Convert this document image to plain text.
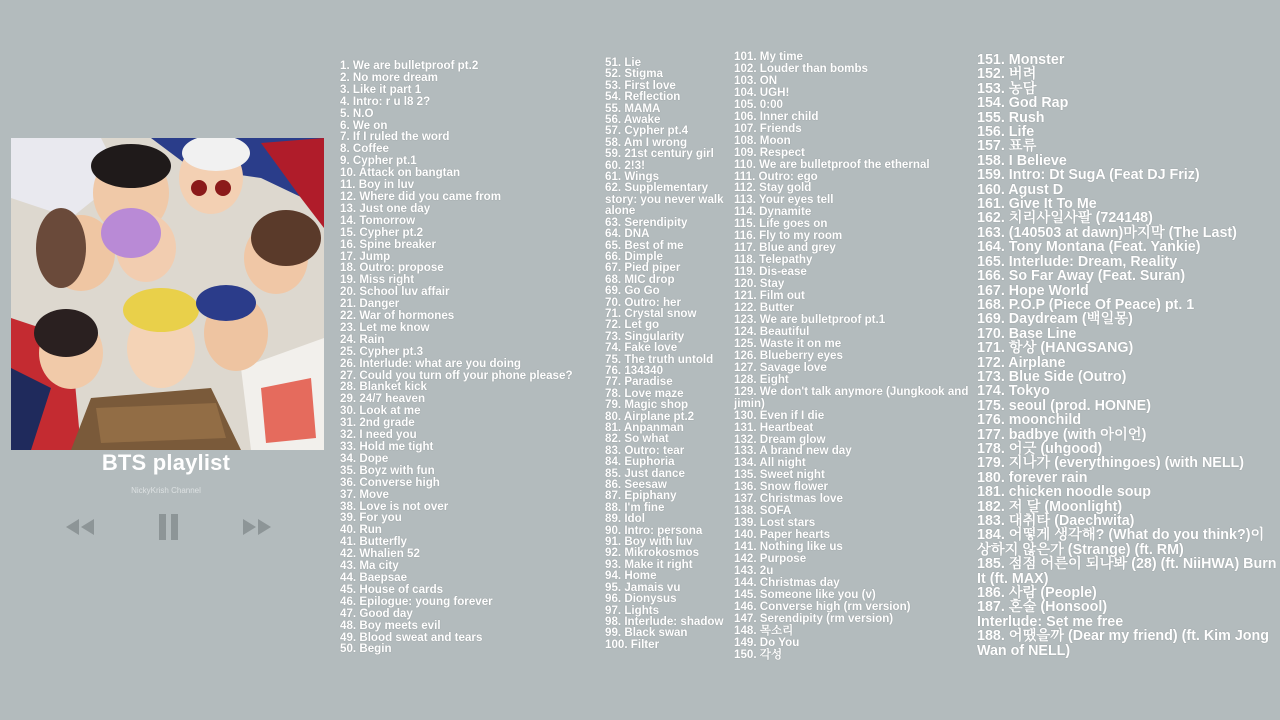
BTS playlist
NickyKrish Channel
1. We are bulletproof pt.2
2. No more dream
3. Like it part 1
4. Intro: r u l8 2?
5. N.O
6. We on
7. If I ruled the word
8. Coffee
9. Cypher pt.1
10. Attack on bangtan
11. Boy in luv
12. Where did you came from
13. Just one day
14. Tomorrow
15. Cypher pt.2
16. Spine breaker
17. Jump
18. Outro: propose
19. Miss right
20. School luv affair
21. Danger
22. War of hormones
23. Let me know
24. Rain
25. Cypher pt.3
26. Interlude: what are you doing
27. Could you turn off your phone please?
28. Blanket kick
29. 24/7 heaven
30. Look at me
31. 2nd grade
32. I need you
33. Hold me tight
34. Dope
35. Boyz with fun
36. Converse high
37. Move
38. Love is not over
39. For you
40. Run
41. Butterfly
42. Whalien 52
43. Ma city
44. Baepsae
45. House of cards
46. Epilogue: young forever
47. Good day
48. Boy meets evil
49. Blood sweat and tears
50. Begin
51. Lie
52. Stigma
53. First love
54. Reflection
55. MAMA
56. Awake
57. Cypher pt.4
58. Am I wrong
59. 21st century girl
60. 2!3!
61. Wings
62. Supplementary story: you never walk alone
63. Serendipity
64. DNA
65. Best of me
66. Dimple
67. Pied piper
68. MIC drop
69. Go Go
70. Outro: her
71. Crystal snow
72. Let go
73. Singularity
74. Fake love
75. The truth untold
76. 134340
77. Paradise
78. Love maze
79. Magic shop
80. Airplane pt.2
81. Anpanman
82. So what
83. Outro: tear
84. Euphoria
85. Just dance
86. Seesaw
87. Epiphany
88. I'm fine
89. Idol
90. Intro: persona
91. Boy with luv
92. Mikrokosmos
93. Make it right
94. Home
95. Jamais vu
96. Dionysus
97. Lights
98. Interlude: shadow
99. Black swan
100. Filter
101. My time
102. Louder than bombs
103. ON
104. UGH!
105. 0:00
106. Inner child
107. Friends
108. Moon
109. Respect
110. We are bulletproof the ethernal
111. Outro: ego
112. Stay gold
113. Your eyes tell
114. Dynamite
115. Life goes on
116. Fly to my room
117. Blue and grey
118. Telepathy
119. Dis-ease
120. Stay
121. Film out
122. Butter
123. We are bulletproof pt.1
124. Beautiful
125. Waste it on me
126. Blueberry eyes
127. Savage love
128. Eight
129. We don't talk anymore (Jungkook and jimin)
130. Even if I die
131. Heartbeat
132. Dream glow
133. A brand new day
134. All night
135. Sweet night
136. Snow flower
137. Christmas love
138. SOFA
139. Lost stars
140. Paper hearts
141. Nothing like us
142. Purpose
143. 2u
144. Christmas day
145. Someone like you (v)
146. Converse high (rm version)
147. Serendipity (rm version)
148. 목소리
149. Do You
150. 각성
151. Monster
152. 버려
153. 농담
154. God Rap
155. Rush
156. Life
157. 표류
158. I Believe
159. Intro: Dt SugA (Feat DJ Friz)
160. Agust D
161. Give It To Me
162. 치리사일사팔 (724148)
163. (140503 at dawn)마지막 (The Last)
164. Tony Montana (Feat. Yankie)
165. Interlude: Dream, Reality
166. So Far Away (Feat. Suran)
167. Hope World
168. P.O.P (Piece Of Peace) pt. 1
169. Daydream (백일몽)
170. Base Line
171. 항상 (HANGSANG)
172. Airplane
173. Blue Side (Outro)
174. Tokyo
175. seoul (prod. HONNE)
176. moonchild
177. badbye (with 아이언)
178. 어긋 (uhgood)
179. 지나가 (everythingoes) (with NELL)
180. forever rain
181. chicken noodle soup
182. 저 달 (Moonlight)
183. 대취타 (Daechwita)
184. 어떻게 생각해? (What do you think?)이상하지 않은가 (Strange) (ft. RM)
185. 점점 어른이 되나봐 (28) (ft. NiiHWA) Burn It (ft. MAX)
186. 사람 (People)
187. 혼술 (Honsool)
Interlude: Set me free
188. 어땠을까 (Dear my friend) (ft. Kim Jong Wan of NELL)
